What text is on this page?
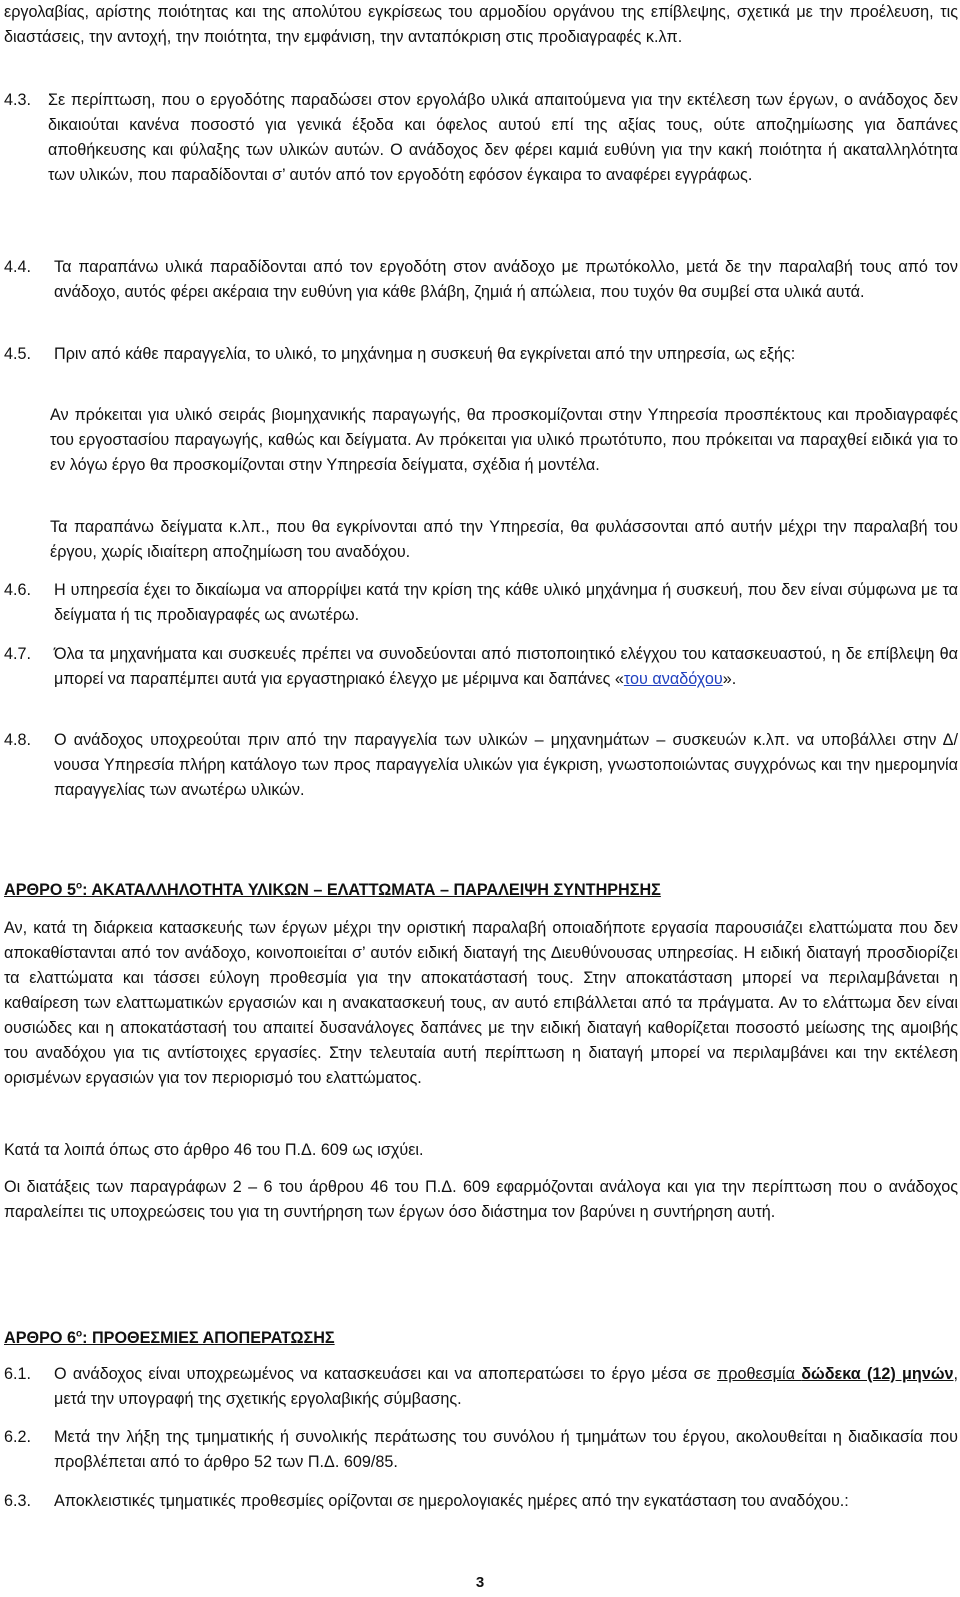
εργολαβίας, αρίστης ποιότητας και της απολύτου εγκρίσεως του αρμοδίου οργάνου της επίβλεψης, σχετικά με την προέλευση, τις διαστάσεις, την αντοχή, την ποιότητα, την εμφάνιση, την ανταπόκριση στις προδιαγραφές κ.λπ.

4.3. Σε περίπτωση, που ο εργοδότης παραδώσει στον εργολάβο υλικά απαιτούμενα για την εκτέλεση των έργων, ο ανάδοχος δεν δικαιούται κανένα ποσοστό για γενικά έξοδα και όφελος αυτού επί της αξίας τους, ούτε αποζημίωσης για δαπάνες αποθήκευσης και φύλαξης των υλικών αυτών. Ο ανάδοχος δεν φέρει καμιά ευθύνη για την κακή ποιότητα ή ακαταλληλότητα των υλικών, που παραδίδονται σ’ αυτόν από τον εργοδότη εφόσον έγκαιρα το αναφέρει εγγράφως.
4.4. Τα παραπάνω υλικά παραδίδονται από τον εργοδότη στον ανάδοχο με πρωτόκολλο, μετά δε την παραλαβή τους από τον ανάδοχο, αυτός φέρει ακέραια την ευθύνη για κάθε βλάβη, ζημιά ή απώλεια, που τυχόν θα συμβεί στα υλικά αυτά.
4.5. Πριν από κάθε παραγγελία, το υλικό, το μηχάνημα η συσκευή θα εγκρίνεται από την υπηρεσία, ως εξής:

Αν πρόκειται για υλικό σειράς βιομηχανικής παραγωγής, θα προσκομίζονται στην Υπηρεσία προσπέκτους και προδιαγραφές του εργοστασίου παραγωγής, καθώς και δείγματα. Αν πρόκειται για υλικό πρωτότυπο, που πρόκειται να παραχθεί ειδικά για το εν λόγω έργο θα προσκομίζονται στην Υπηρεσία δείγματα, σχέδια ή μοντέλα.

Τα παραπάνω δείγματα κ.λπ., που θα εγκρίνονται από την Υπηρεσία, θα φυλάσσονται από αυτήν μέχρι την παραλαβή του έργου, χωρίς ιδιαίτερη αποζημίωση του αναδόχου.

4.6. Η υπηρεσία έχει το δικαίωμα να απορρίψει κατά την κρίση της κάθε υλικό μηχάνημα ή συσκευή, που δεν είναι σύμφωνα με τα δείγματα ή τις προδιαγραφές ως ανωτέρω.
4.7. Όλα τα μηχανήματα και συσκευές πρέπει να συνοδεύονται από πιστοποιητικό ελέγχου του κατασκευαστού, η δε επίβλεψη θα μπορεί να παραπέμπει αυτά για εργαστηριακό έλεγχο με μέριμνα και δαπάνες «του αναδόχου».
4.8. Ο ανάδοχος υποχρεούται πριν από την παραγγελία των υλικών – μηχανημάτων – συσκευών κ.λπ. να υποβάλλει στην Δ/νουσα Υπηρεσία πλήρη κατάλογο των προς παραγγελία υλικών για έγκριση, γνωστοποιώντας συγχρόνως και την ημερομηνία παραγγελίας των ανωτέρω υλικών.
ΑΡΘΡΟ $5^o$: ΑΚΑΤΑΛΛΗΛΟΤΗΤΑ ΥΛΙΚΩΝ – ΕΛΑΤΤΩΜΑΤΑ – ΠΑΡΑΛΕΙΨΗ ΣΥΝΤΗΡΗΣΗΣ

Αν, κατά τη διάρκεια κατασκευής των έργων μέχρι την οριστική παραλαβή οποιαδήποτε εργασία παρουσιάζει ελαττώματα που δεν αποκαθίστανται από τον ανάδοχο, κοινοποιείται σ’ αυτόν ειδική διαταγή της Διευθύνουσας υπηρεσίας. Η ειδική διαταγή προσδιορίζει τα ελαττώματα και τάσσει εύλογη προθεσμία για την αποκατάστασή τους. Στην αποκατάσταση μπορεί να περιλαμβάνεται η καθαίρεση των ελαττωματικών εργασιών και η ανακατασκευή τους, αν αυτό επιβάλλεται από τα πράγματα. Αν το ελάττωμα δεν είναι ουσιώδες και η αποκατάστασή του απαιτεί δυσανάλογες δαπάνες με την ειδική διαταγή καθορίζεται ποσοστό μείωσης της αμοιβής του αναδόχου για τις αντίστοιχες εργασίες. Στην τελευταία αυτή περίπτωση η διαταγή μπορεί να περιλαμβάνει και την εκτέλεση ορισμένων εργασιών για τον περιορισμό του ελαττώματος.

Κατά τα λοιπά όπως στο άρθρο 46 του Π.Δ. 609 ως ισχύει.

Οι διατάξεις των παραγράφων 2 – 6 του άρθρου 46 του Π.Δ. 609 εφαρμόζονται ανάλογα και για την περίπτωση που ο ανάδοχος παραλείπει τις υποχρεώσεις του για τη συντήρηση των έργων όσο διάστημα τον βαρύνει η συντήρηση αυτή.

ΑΡΘΡΟ $6^o$: ΠΡΟΘΕΣΜΙΕΣ ΑΠΟΠΕΡΑΤΩΣΗΣ
6.1. Ο ανάδοχος είναι υποχρεωμένος να κατασκευάσει και να αποπερατώσει το έργο μέσα σε προθεσμία δώδεκα (12) μηνών, μετά την υπογραφή της σχετικής εργολαβικής σύμβασης.
6.2. Μετά την λήξη της τμηματικής ή συνολικής περάτωσης του συνόλου ή τμημάτων του έργου, ακολουθείται η διαδικασία που προβλέπεται από το άρθρο 52 των Π.Δ. 609/85.
6.3. Αποκλειστικές τμηματικές προθεσμίες ορίζονται σε ημερολογιακές ημέρες από την εγκατάσταση του αναδόχου.:
3
